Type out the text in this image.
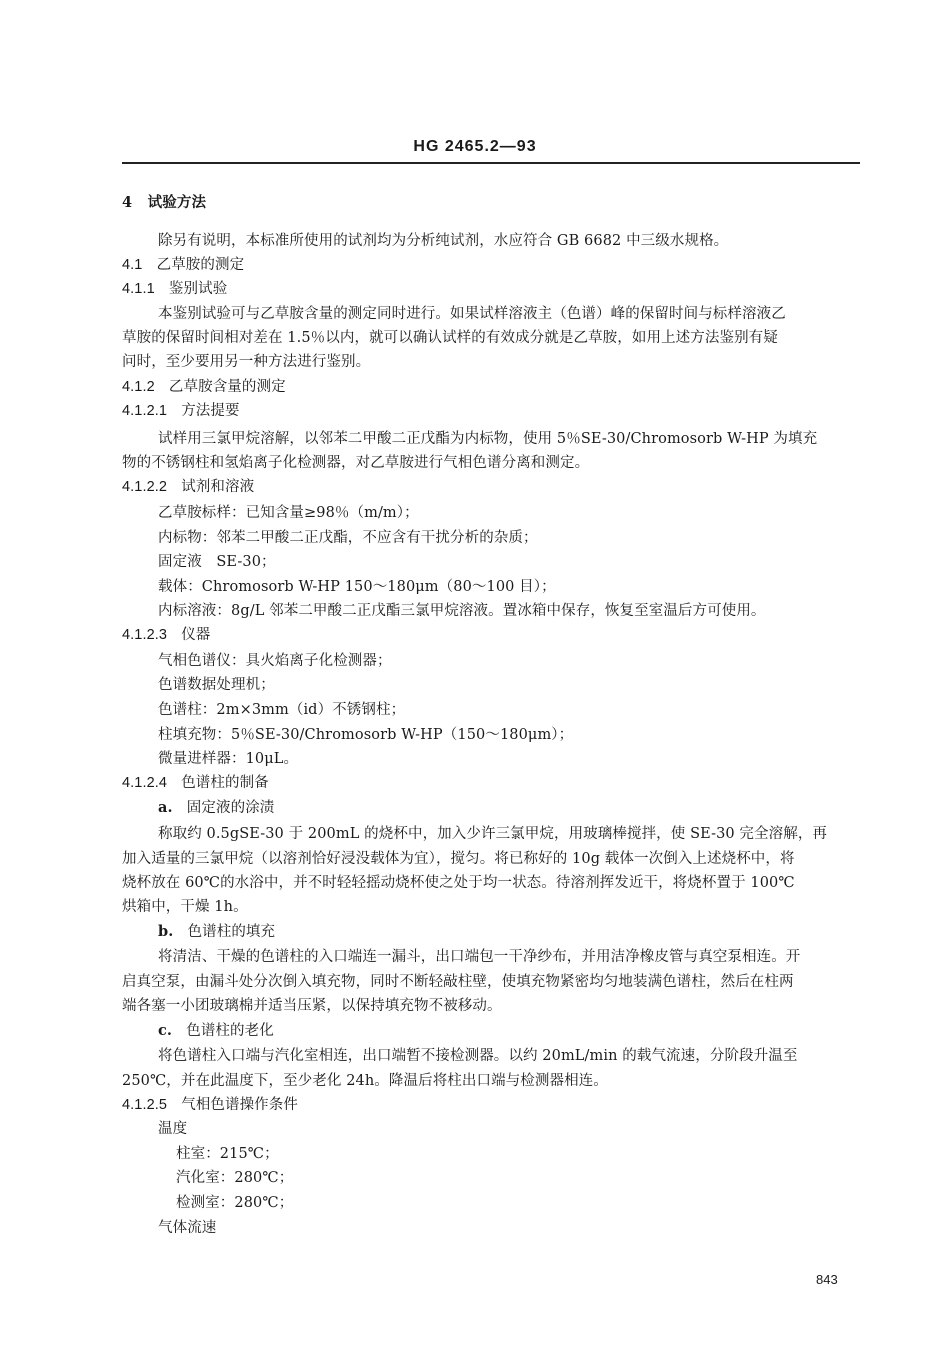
HG 2465.2—93
4 试验方法
除另有说明，本标准所使用的试剂均为分析纯试剂，水应符合 GB 6682 中三级水规格。
4.1 乙草胺的测定
4.1.1 鉴别试验
本鉴别试验可与乙草胺含量的测定同时进行。如果试样溶液主（色谱）峰的保留时间与标样溶液乙
草胺的保留时间相对差在 1.5％以内，就可以确认试样的有效成分就是乙草胺，如用上述方法鉴别有疑
问时，至少要用另一种方法进行鉴别。
4.1.2 乙草胺含量的测定
4.1.2.1 方法提要
试样用三氯甲烷溶解，以邻苯二甲酸二正戊酯为内标物，使用 5％SE-30/Chromosorb W-HP 为填充
物的不锈钢柱和氢焰离子化检测器，对乙草胺进行气相色谱分离和测定。
4.1.2.2 试剂和溶液
乙草胺标样：已知含量≥98％（m/m）；
内标物：邻苯二甲酸二正戊酯，不应含有干扰分析的杂质；
固定液　SE-30；
载体：Chromosorb W-HP 150～180μm（80～100 目）；
内标溶液：8g/L 邻苯二甲酸二正戊酯三氯甲烷溶液。置冰箱中保存，恢复至室温后方可使用。
4.1.2.3 仪器
气相色谱仪：具火焰离子化检测器；
色谱数据处理机；
色谱柱：2m×3mm（id）不锈钢柱；
柱填充物：5％SE-30/Chromosorb W-HP（150～180μm）；
微量进样器：10μL。
4.1.2.4 色谱柱的制备
a. 固定液的涂渍
称取约 0.5gSE-30 于 200mL 的烧杯中，加入少许三氯甲烷，用玻璃棒搅拌，使 SE-30 完全溶解，再
加入适量的三氯甲烷（以溶剂恰好浸没载体为宜），搅匀。将已称好的 10g 载体一次倒入上述烧杯中，将
烧杯放在 60℃的水浴中，并不时轻轻摇动烧杯使之处于均一状态。待溶剂挥发近干，将烧杯置于 100℃
烘箱中，干燥 1h。
b. 色谱柱的填充
将清洁、干燥的色谱柱的入口端连一漏斗，出口端包一干净纱布，并用洁净橡皮管与真空泵相连。开
启真空泵，由漏斗处分次倒入填充物，同时不断轻敲柱壁，使填充物紧密均匀地装满色谱柱，然后在柱两
端各塞一小团玻璃棉并适当压紧，以保持填充物不被移动。
c. 色谱柱的老化
将色谱柱入口端与汽化室相连，出口端暂不接检测器。以约 20mL/min 的载气流速，分阶段升温至
250℃，并在此温度下，至少老化 24h。降温后将柱出口端与检测器相连。
4.1.2.5 气相色谱操作条件
温度
柱室：215℃；
汽化室：280℃；
检测室：280℃；
气体流速
843
